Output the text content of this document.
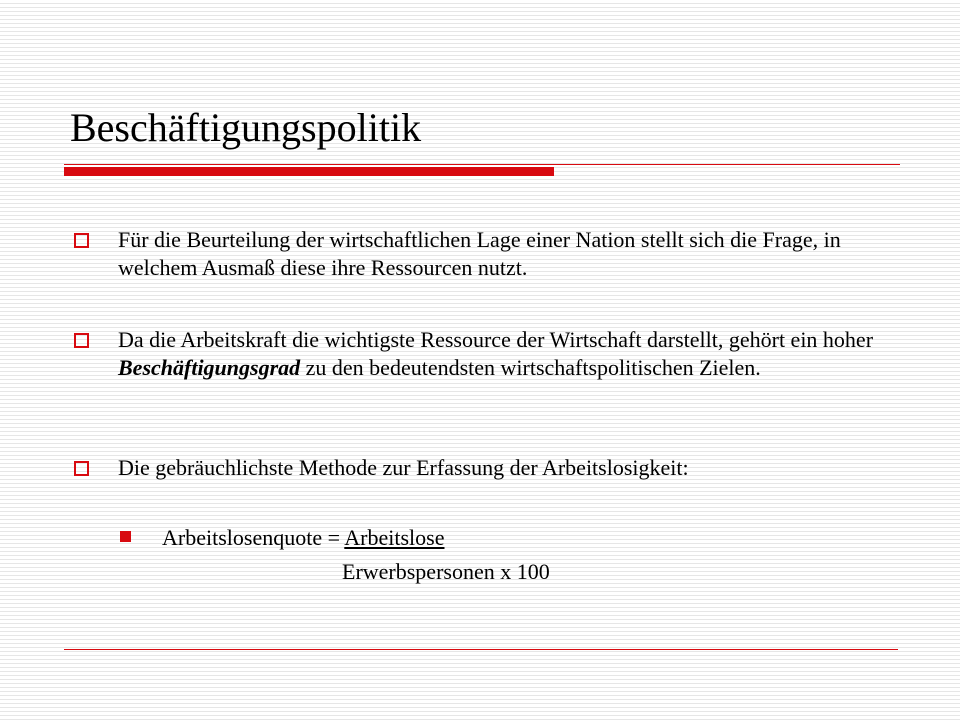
Beschäftigungspolitik
Für die Beurteilung der wirtschaftlichen Lage einer Nation stellt sich die Frage, in welchem Ausmaß diese ihre Ressourcen nutzt.
Da die Arbeitskraft die wichtigste Ressource der Wirtschaft darstellt, gehört ein hoher Beschäftigungsgrad zu den bedeutendsten wirtschaftspolitischen Zielen.
Die gebräuchlichste Methode zur Erfassung der Arbeitslosigkeit:
Arbeitslosenquote = Arbeitslose
Erwerbspersonen x 100
